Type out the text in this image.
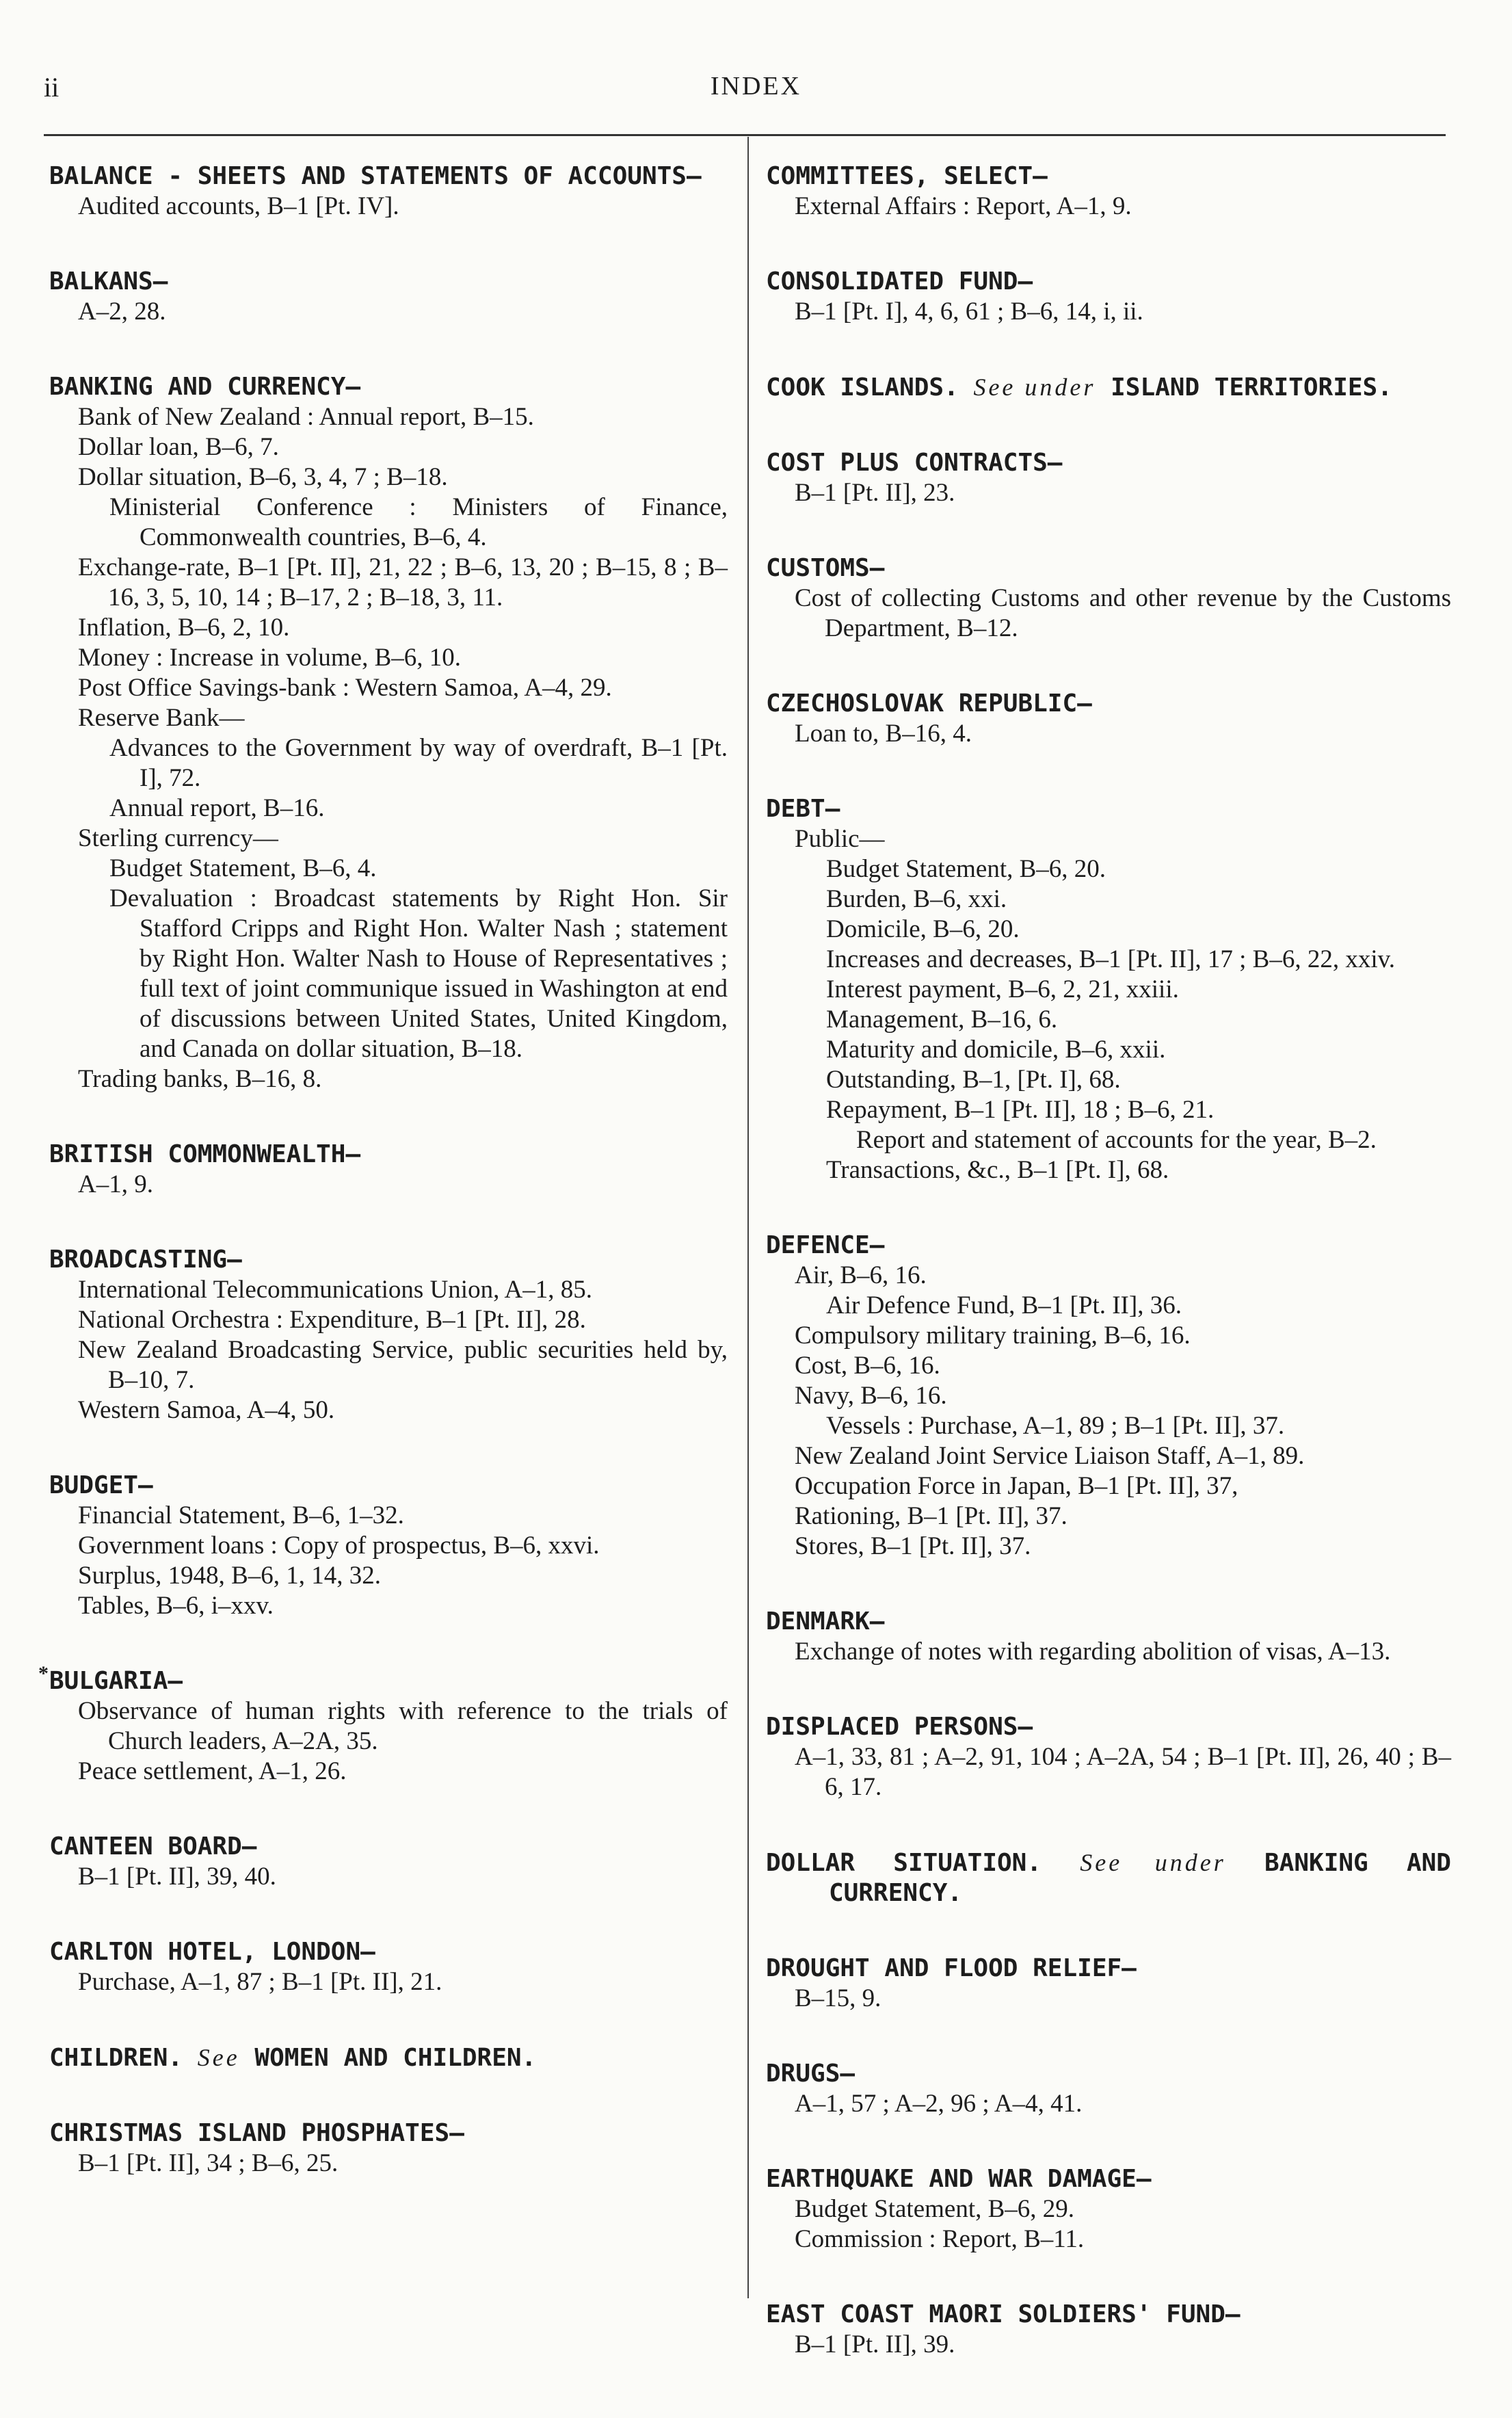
ii	INDEX
BALANCE - SHEETS AND STATEMENTS OF ACCOUNTS—
Audited accounts, B–1 [Pt. IV].
BALKANS—
A–2, 28.
BANKING AND CURRENCY—
Bank of New Zealand : Annual report, B–15.
Dollar loan, B–6, 7.
Dollar situation, B–6, 3, 4, 7 ; B–18.
Ministerial Conference : Ministers of Finance, Commonwealth countries, B–6, 4.
Exchange-rate, B–1 [Pt. II], 21, 22 ; B–6, 13, 20 ; B–15, 8 ; B–16, 3, 5, 10, 14 ; B–17, 2 ; B–18, 3, 11.
Inflation, B–6, 2, 10.
Money : Increase in volume, B–6, 10.
Post Office Savings-bank : Western Samoa, A–4, 29.
Reserve Bank—
Advances to the Government by way of overdraft, B–1 [Pt. I], 72.
Annual report, B–16.
Sterling currency—
Budget Statement, B–6, 4.
Devaluation : Broadcast statements by Right Hon. Sir Stafford Cripps and Right Hon. Walter Nash ; statement by Right Hon. Walter Nash to House of Representatives ; full text of joint communique issued in Washington at end of discussions between United States, United Kingdom, and Canada on dollar situation, B–18.
Trading banks, B–16, 8.
BRITISH COMMONWEALTH—
A–1, 9.
BROADCASTING—
International Telecommunications Union, A–1, 85.
National Orchestra : Expenditure, B–1 [Pt. II], 28.
New Zealand Broadcasting Service, public securities held by, B–10, 7.
Western Samoa, A–4, 50.
BUDGET—
Financial Statement, B–6, 1–32.
Government loans : Copy of prospectus, B–6, xxvi.
Surplus, 1948, B–6, 1, 14, 32.
Tables, B–6, i–xxv.
* BULGARIA—
Observance of human rights with reference to the trials of Church leaders, A–2A, 35.
Peace settlement, A–1, 26.
CANTEEN BOARD—
B–1 [Pt. II], 39, 40.
CARLTON HOTEL, LONDON—
Purchase, A–1, 87 ; B–1 [Pt. II], 21.
CHILDREN. See WOMEN AND CHILDREN.
CHRISTMAS ISLAND PHOSPHATES—
B–1 [Pt. II], 34 ; B–6, 25.
COMMITTEES, SELECT—
External Affairs : Report, A–1, 9.
CONSOLIDATED FUND—
B–1 [Pt. I], 4, 6, 61 ; B–6, 14, i, ii.
COOK ISLANDS. See under ISLAND TERRITORIES.
COST PLUS CONTRACTS—
B–1 [Pt. II], 23.
CUSTOMS—
Cost of collecting Customs and other revenue by the Customs Department, B–12.
CZECHOSLOVAK REPUBLIC—
Loan to, B–16, 4.
DEBT—
Public—
Budget Statement, B–6, 20.
Burden, B–6, xxi.
Domicile, B–6, 20.
Increases and decreases, B–1 [Pt. II], 17 ; B–6, 22, xxiv.
Interest payment, B–6, 2, 21, xxiii.
Management, B–16, 6.
Maturity and domicile, B–6, xxii.
Outstanding, B–1, [Pt. I], 68.
Repayment, B–1 [Pt. II], 18 ; B–6, 21.
Report and statement of accounts for the year, B–2.
Transactions, &c., B–1 [Pt. I], 68.
DEFENCE—
Air, B–6, 16.
Air Defence Fund, B–1 [Pt. II], 36.
Compulsory military training, B–6, 16.
Cost, B–6, 16.
Navy, B–6, 16.
Vessels : Purchase, A–1, 89 ; B–1 [Pt. II], 37.
New Zealand Joint Service Liaison Staff, A–1, 89.
Occupation Force in Japan, B–1 [Pt. II], 37,
Rationing, B–1 [Pt. II], 37.
Stores, B–1 [Pt. II], 37.
DENMARK—
Exchange of notes with regarding abolition of visas, A–13.
DISPLACED PERSONS—
A–1, 33, 81 ; A–2, 91, 104 ; A–2A, 54 ; B–1 [Pt. II], 26, 40 ; B–6, 17.
DOLLAR SITUATION. See under BANKING AND CURRENCY.
DROUGHT AND FLOOD RELIEF—
B–15, 9.
DRUGS—
A–1, 57 ; A–2, 96 ; A–4, 41.
EARTHQUAKE AND WAR DAMAGE—
Budget Statement, B–6, 29.
Commission : Report, B–11.
EAST COAST MAORI SOLDIERS' FUND—
B–1 [Pt. II], 39.
